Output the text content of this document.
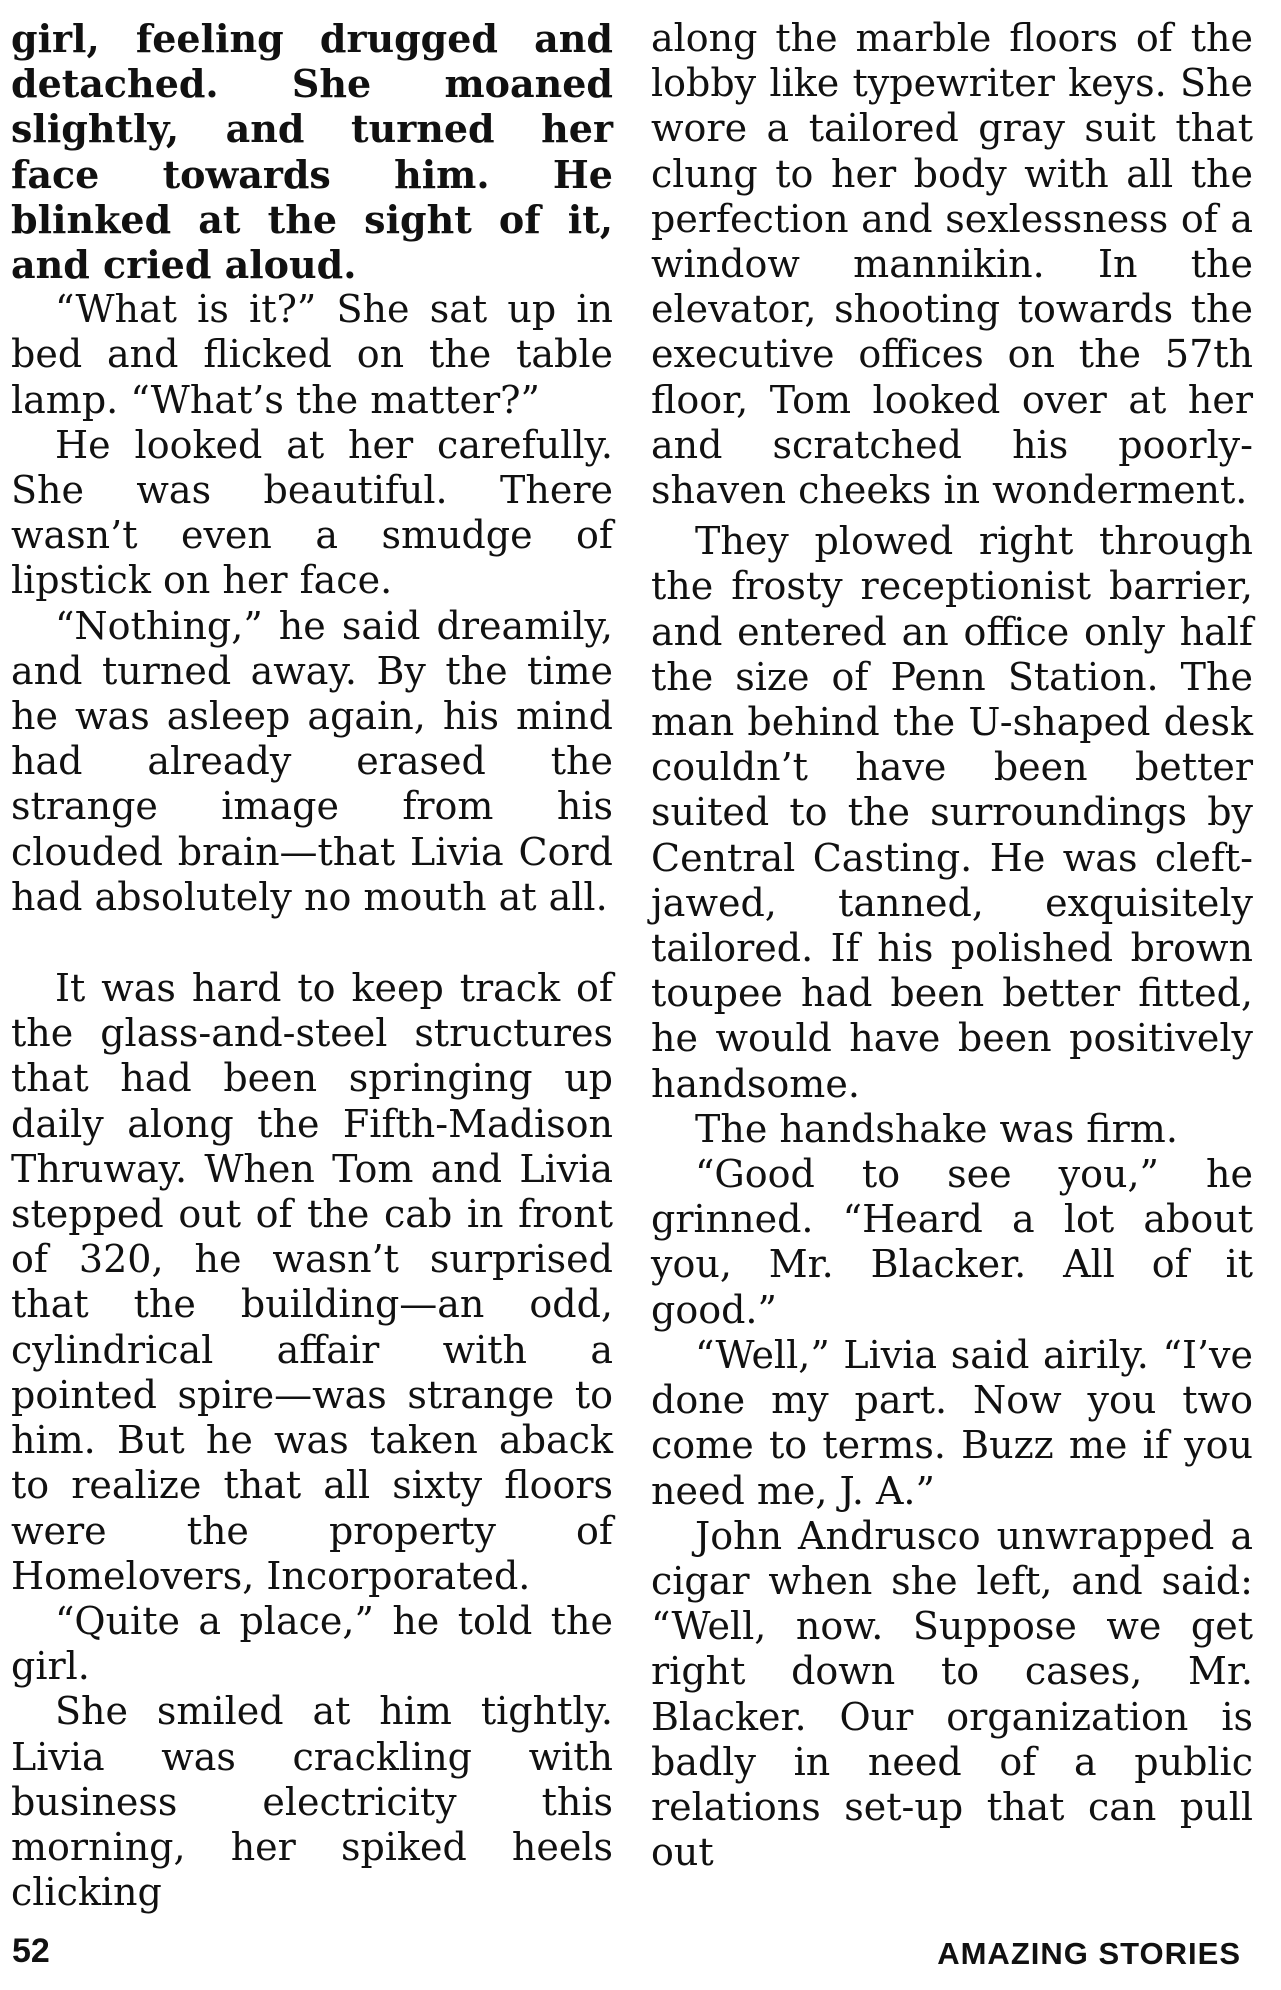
girl, feeling drugged and detached. She moaned slightly, and turned her face towards him. He blinked at the sight of it, and cried aloud.

“What is it?” She sat up in bed and flicked on the table lamp. “What’s the matter?”

He looked at her carefully. She was beautiful. There wasn’t even a smudge of lipstick on her face.

“Nothing,” he said dreamily, and turned away. By the time he was asleep again, his mind had already erased the strange image from his clouded brain—that Livia Cord had absolutely no mouth at all.

It was hard to keep track of the glass-and-steel structures that had been springing up daily along the Fifth-Madison Thruway. When Tom and Livia stepped out of the cab in front of 320, he wasn’t surprised that the building—an odd, cylindrical affair with a pointed spire—was strange to him. But he was taken aback to realize that all sixty floors were the property of Homelovers, Incorporated.

“Quite a place,” he told the girl.

She smiled at him tightly. Livia was crackling with business electricity this morning, her spiked heels clicking

along the marble floors of the lobby like typewriter keys. She wore a tailored gray suit that clung to her body with all the perfection and sexlessness of a window mannikin. In the elevator, shooting towards the executive offices on the 57th floor, Tom looked over at her and scratched his poorly-shaven cheeks in wonderment.

They plowed right through the frosty receptionist barrier, and entered an office only half the size of Penn Station. The man behind the U-shaped desk couldn’t have been better suited to the surroundings by Central Casting. He was cleft-jawed, tanned, exquisitely tailored. If his polished brown toupee had been better fitted, he would have been positively handsome.

The handshake was firm.

“Good to see you,” he grinned. “Heard a lot about you, Mr. Blacker. All of it good.”

“Well,” Livia said airily. “I’ve done my part. Now you two come to terms. Buzz me if you need me, J. A.”

John Andrusco unwrapped a cigar when she left, and said: “Well, now. Suppose we get right down to cases, Mr. Blacker. Our organization is badly in need of a public relations set-up that can pull out

52	AMAZING STORIES
